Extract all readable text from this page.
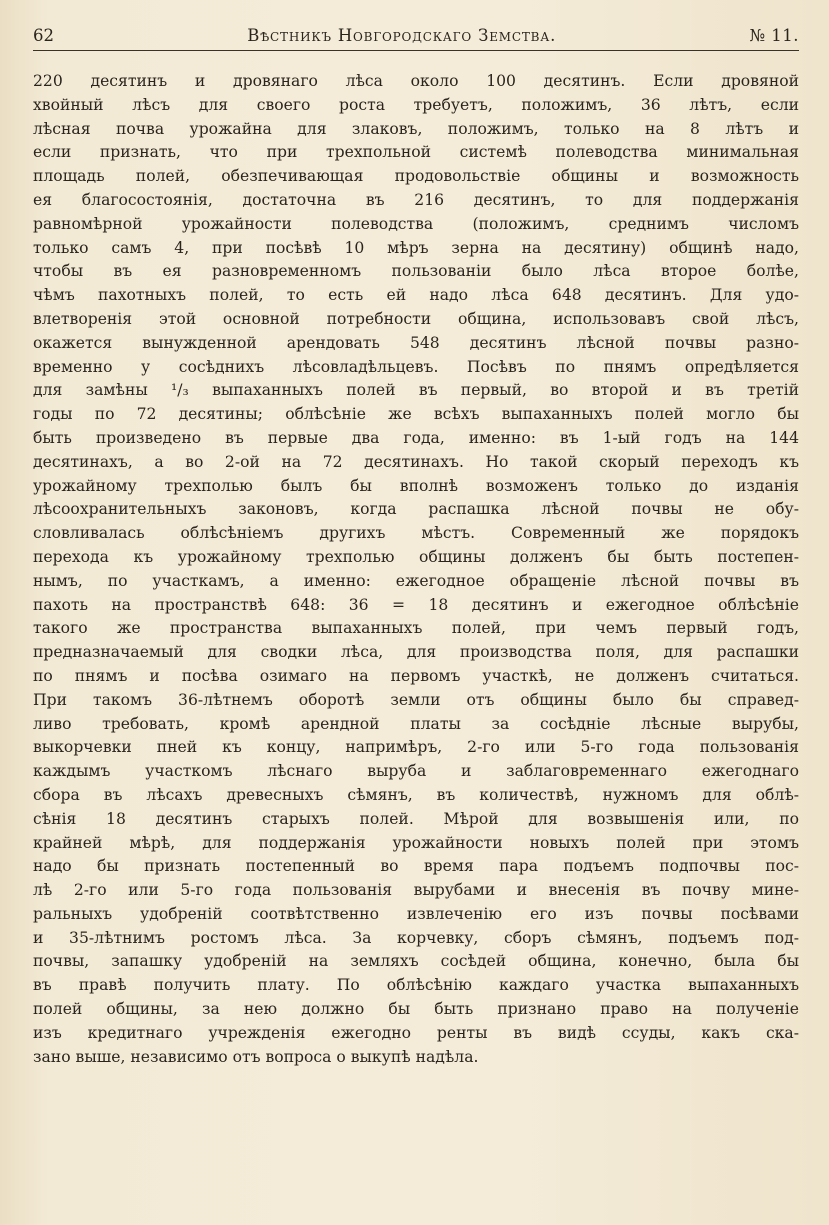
62	Вѣстникъ Новгородскаго Земства.	№ 11.
220 десятинъ и дровянаго лѣса около 100 десятинъ. Если дровяной
хвойный лѣсъ для своего роста требуетъ, положимъ, 36 лѣтъ, если
лѣсная почва урожайна для злаковъ, положимъ, только на 8 лѣтъ и
если признать, что при трехпольной системѣ полеводства минимальная
площадь полей, обезпечивающая продовольствіе общины и возможность
ея благосостоянія, достаточна въ 216 десятинъ, то для поддержанія
равномѣрной урожайности полеводства (положимъ, среднимъ числомъ
только самъ 4, при посѣвѣ 10 мѣръ зерна на десятину) общинѣ надо,
чтобы въ ея разновременномъ пользованіи было лѣса второе болѣе,
чѣмъ пахотныхъ полей, то есть ей надо лѣса 648 десятинъ. Для удо-
влетворенія этой основной потребности община, использовавъ свой лѣсъ,
окажется вынужденной арендовать 548 десятинъ лѣсной почвы разно-
временно у сосѣднихъ лѣсовладѣльцевъ. Посѣвъ по пнямъ опредѣляется
для замѣны ¹/₃ выпаханныхъ полей въ первый, во второй и въ третій
годы по 72 десятины; облѣсѣніе же всѣхъ выпаханныхъ полей могло бы
быть произведено въ первые два года, именно: въ 1-ый годъ на 144
десятинахъ, а во 2-ой на 72 десятинахъ. Но такой скорый переходъ къ
урожайному трехполью былъ бы вполнѣ возможенъ только до изданія
лѣсоохранительныхъ законовъ, когда распашка лѣсной почвы не обу-
словливалась облѣсѣніемъ другихъ мѣстъ. Современный же порядокъ
перехода къ урожайному трехполью общины долженъ бы быть постепен-
нымъ, по участкамъ, а именно: ежегодное обращеніе лѣсной почвы въ
пахоть на пространствѣ 648: 36 = 18 десятинъ и ежегодное облѣсѣніе
такого же пространства выпаханныхъ полей, при чемъ первый годъ,
предназначаемый для сводки лѣса, для производства поля, для распашки
по пнямъ и посѣва озимаго на первомъ участкѣ, не долженъ считаться.
При такомъ 36-лѣтнемъ оборотѣ земли отъ общины было бы справед-
ливо требовать, кромѣ арендной платы за сосѣдніе лѣсные вырубы,
выкорчевки пней къ концу, напримѣръ, 2-го или 5-го года пользованія
каждымъ участкомъ лѣснаго выруба и заблаговременнаго ежегоднаго
сбора въ лѣсахъ древесныхъ сѣмянъ, въ количествѣ, нужномъ для облѣ-
сѣнія 18 десятинъ старыхъ полей. Мѣрой для возвышенія или, по
крайней мѣрѣ, для поддержанія урожайности новыхъ полей при этомъ
надо бы признать постепенный во время пара подъемъ подпочвы пос-
лѣ 2-го или 5-го года пользованія вырубами и внесенія въ почву мине-
ральныхъ удобреній соотвѣтственно извлеченію его изъ почвы посѣвами
и 35-лѣтнимъ ростомъ лѣса. За корчевку, сборъ сѣмянъ, подъемъ под-
почвы, запашку удобреній на земляхъ сосѣдей община, конечно, была бы
въ правѣ получить плату. По облѣсѣнію каждаго участка выпаханныхъ
полей общины, за нею должно бы быть признано право на полученіе
изъ кредитнаго учрежденія ежегодно ренты въ видѣ ссуды, какъ ска-
зано выше, независимо отъ вопроса о выкупѣ надѣла.
